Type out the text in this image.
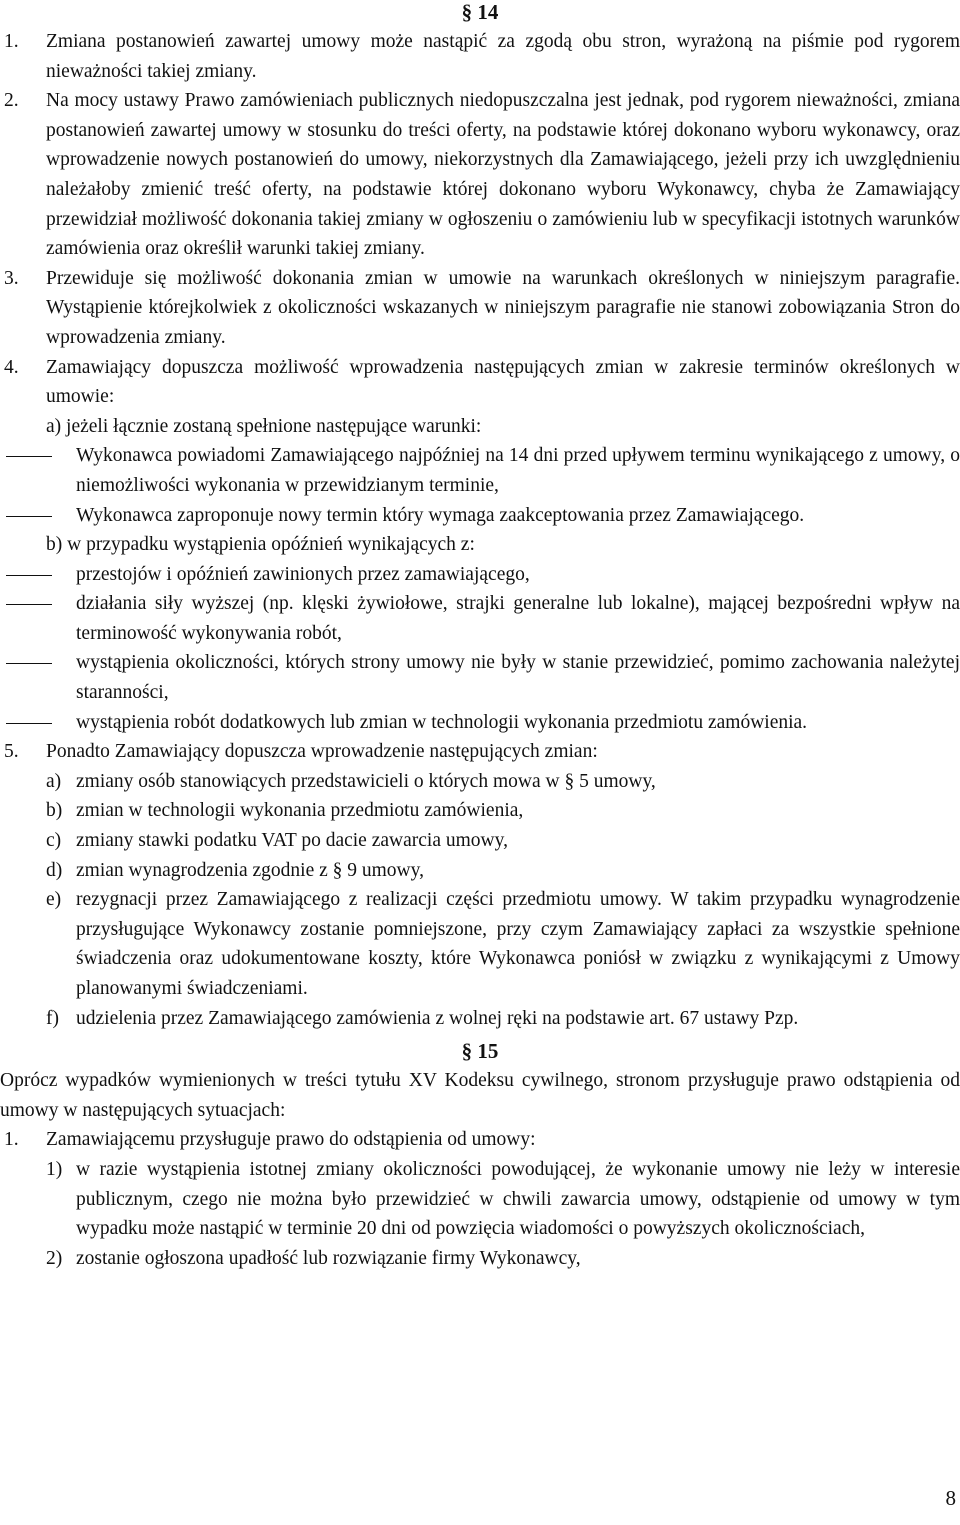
§ 14
1. Zmiana postanowień zawartej umowy może nastąpić za zgodą obu stron, wyrażoną na piśmie pod rygorem nieważności takiej zmiany.
2. Na mocy ustawy Prawo zamówieniach publicznych niedopuszczalna jest jednak, pod rygorem nieważności, zmiana postanowień zawartej umowy w stosunku do treści oferty, na podstawie której dokonano wyboru wykonawcy, oraz wprowadzenie nowych postanowień do umowy, niekorzystnych dla Zamawiającego, jeżeli przy ich uwzględnieniu należałoby zmienić treść oferty, na podstawie której dokonano wyboru Wykonawcy, chyba że Zamawiający przewidział możliwość dokonania takiej zmiany w ogłoszeniu o zamówieniu lub w specyfikacji istotnych warunków zamówienia oraz określił warunki takiej zmiany.
3. Przewiduje się możliwość dokonania zmian w umowie na warunkach określonych w niniejszym paragrafie. Wystąpienie którejkolwiek z okoliczności wskazanych w niniejszym paragrafie nie stanowi zobowiązania Stron do wprowadzenia zmiany.
4. Zamawiający dopuszcza możliwość wprowadzenia następujących zmian w zakresie terminów określonych w umowie:
a) jeżeli łącznie zostaną spełnione następujące warunki:
Wykonawca powiadomi Zamawiającego najpóźniej na 14 dni przed upływem terminu wynikającego z umowy, o niemożliwości wykonania w przewidzianym terminie,
Wykonawca zaproponuje nowy termin który wymaga zaakceptowania przez Zamawiającego.
b) w przypadku wystąpienia opóźnień wynikających z:
przestojów i opóźnień zawinionych przez zamawiającego,
działania siły wyższej (np. klęski żywiołowe, strajki generalne lub lokalne), mającej bezpośredni wpływ na terminowość wykonywania robót,
wystąpienia okoliczności, których strony umowy nie były w stanie przewidzieć, pomimo zachowania należytej staranności,
wystąpienia robót dodatkowych lub zmian w technologii wykonania przedmiotu zamówienia.
5. Ponadto Zamawiający dopuszcza wprowadzenie następujących zmian:
a) zmiany osób stanowiących przedstawicieli o których mowa w § 5 umowy,
b) zmian w technologii wykonania przedmiotu zamówienia,
c) zmiany stawki podatku VAT po dacie zawarcia umowy,
d) zmian wynagrodzenia zgodnie z § 9 umowy,
e) rezygnacji przez Zamawiającego z realizacji części przedmiotu umowy. W takim przypadku wynagrodzenie przysługujące Wykonawcy zostanie pomniejszone, przy czym Zamawiający zapłaci za wszystkie spełnione świadczenia oraz udokumentowane koszty, które Wykonawca poniósł w związku z wynikającymi z Umowy planowanymi świadczeniami.
f) udzielenia przez Zamawiającego zamówienia z wolnej ręki na podstawie art. 67 ustawy Pzp.
§ 15
Oprócz wypadków wymienionych w treści tytułu XV Kodeksu cywilnego, stronom przysługuje prawo odstąpienia od umowy w następujących sytuacjach:
1. Zamawiającemu przysługuje prawo do odstąpienia od umowy:
1) w razie wystąpienia istotnej zmiany okoliczności powodującej, że wykonanie umowy nie leży w interesie publicznym, czego nie można było przewidzieć w chwili zawarcia umowy, odstąpienie od umowy w tym wypadku może nastąpić w terminie 20 dni od powzięcia wiadomości o powyższych okolicznościach,
2) zostanie ogłoszona upadłość lub rozwiązanie firmy Wykonawcy,
8
